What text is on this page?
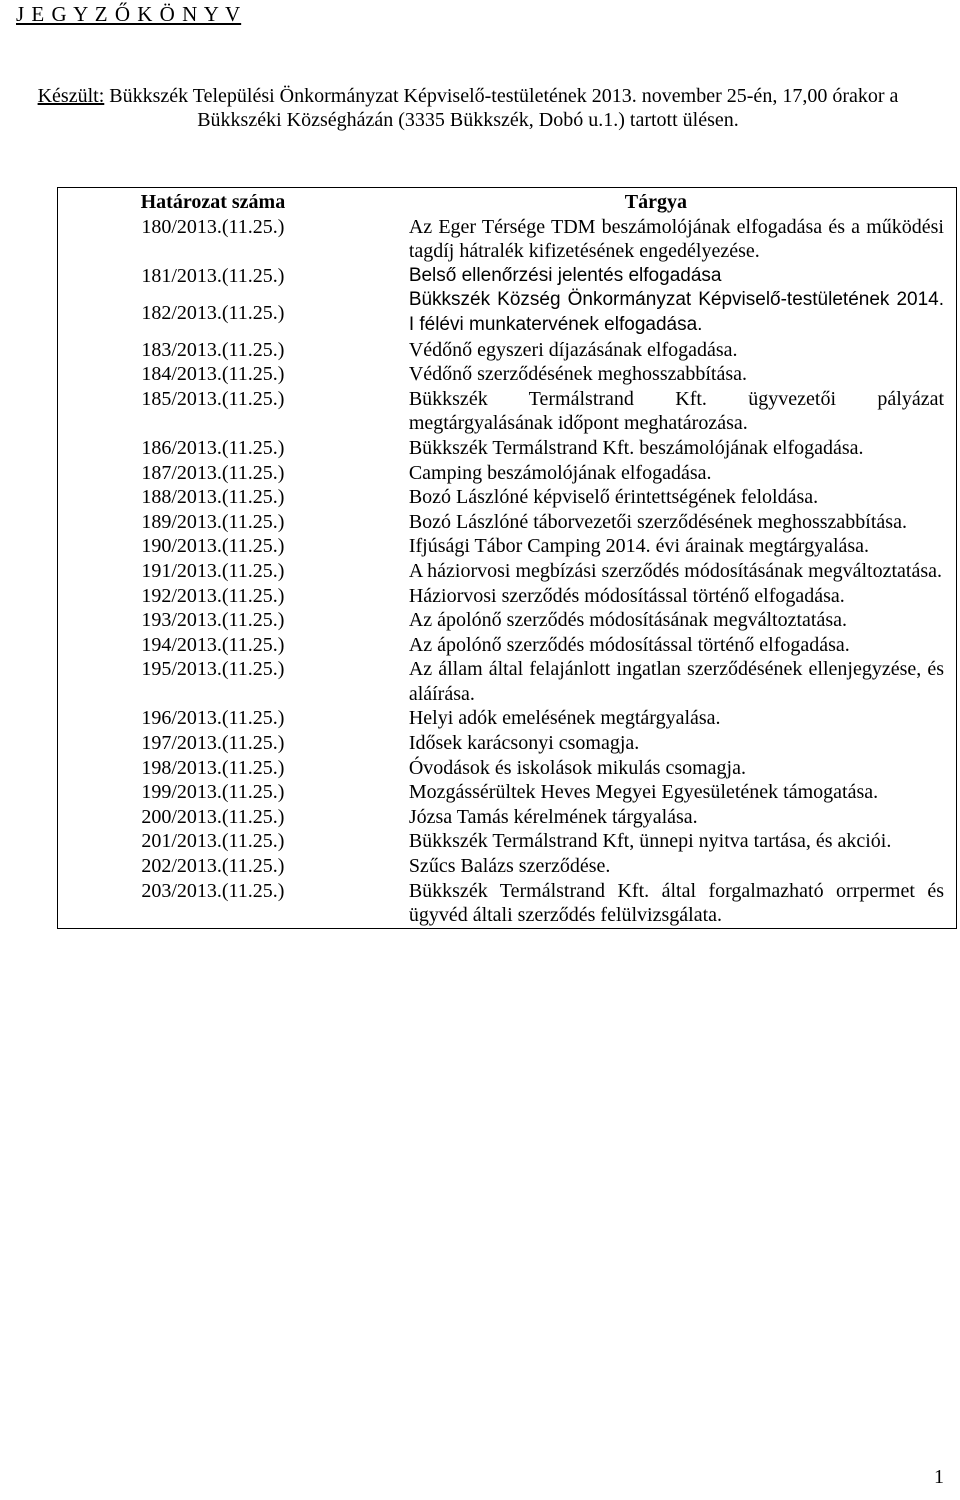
J E G Y Z Ő K Ö N Y V
Készült: Bükkszék Települési Önkormányzat Képviselő-testületének 2013. november 25-én, 17,00 órakor a Bükkszéki Községházán (3335 Bükkszék, Dobó u.1.) tartott ülésen.
Határozat száma	Tárgya
180/2013.(11.25.)	Az Eger Térsége TDM beszámolójának elfogadása és a működési tagdíj hátralék kifizetésének engedélyezése.
181/2013.(11.25.)	Belső ellenőrzési jelentés elfogadása
182/2013.(11.25.)	Bükkszék Község Önkormányzat Képviselő-testületének 2014. I félévi munkatervének elfogadása.
183/2013.(11.25.)	Védőnő egyszeri díjazásának elfogadása.
184/2013.(11.25.)	Védőnő szerződésének meghosszabbítása.
185/2013.(11.25.)	Bükkszék Termálstrand Kft. ügyvezetői pályázat megtárgyalásának időpont meghatározása.
186/2013.(11.25.)	Bükkszék Termálstrand Kft. beszámolójának elfogadása.
187/2013.(11.25.)	Camping beszámolójának elfogadása.
188/2013.(11.25.)	Bozó Lászlóné képviselő érintettségének feloldása.
189/2013.(11.25.)	Bozó Lászlóné táborvezetői szerződésének meghosszabbítása.
190/2013.(11.25.)	Ifjúsági Tábor Camping 2014. évi árainak megtárgyalása.
191/2013.(11.25.)	A háziorvosi megbízási szerződés módosításának megváltoztatása.
192/2013.(11.25.)	Háziorvosi szerződés módosítással történő elfogadása.
193/2013.(11.25.)	Az ápolónő szerződés módosításának megváltoztatása.
194/2013.(11.25.)	Az ápolónő szerződés módosítással történő elfogadása.
195/2013.(11.25.)	Az állam által felajánlott ingatlan szerződésének ellenjegyzése, és aláírása.
196/2013.(11.25.)	Helyi adók emelésének megtárgyalása.
197/2013.(11.25.)	Idősek karácsonyi csomagja.
198/2013.(11.25.)	Óvodások és iskolások mikulás csomagja.
199/2013.(11.25.)	Mozgássérültek Heves Megyei Egyesületének támogatása.
200/2013.(11.25.)	Józsa Tamás kérelmének tárgyalása.
201/2013.(11.25.)	Bükkszék Termálstrand Kft, ünnepi nyitva tartása, és akciói.
202/2013.(11.25.)	Szűcs Balázs szerződése.
203/2013.(11.25.)	Bükkszék Termálstrand Kft. által forgalmazható orrpermet és ügyvéd általi szerződés felülvizsgálata.
1
